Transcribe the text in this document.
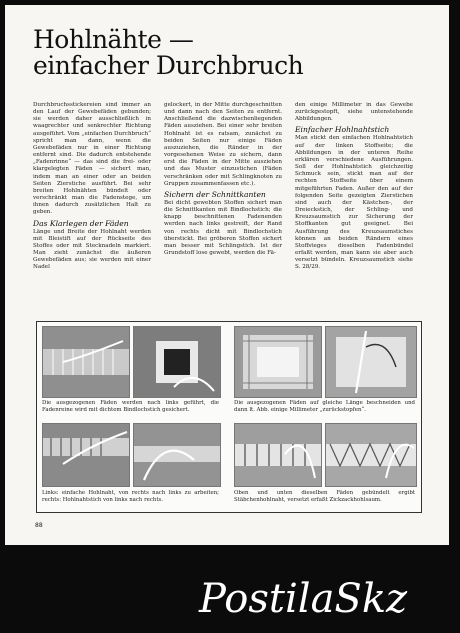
Hohlnähte —
einfacher Durchbruch

Durchbruchsstickereien sind immer an den Lauf der Gewebefäden gebunden; sie werden daher ausschließlich in waagrechter und senkrechter Richtung ausgeführt. Vom „einfachen Durchbruch“ spricht man dann, wenn die Gewebefäden nur in einer Richtung entfernt sind. Die dadurch entstehende „Fadenrinne“ — das sind die frei- oder klargelegten Fäden — sichert man, indem man an einer oder an beiden Seiten Zierstiche ausführt. Bei sehr breiten Hohlnähten bündelt oder verschränkt man die Fadenstege, um ihnen dadurch zusätzlichen Halt zu geben.

Das Klarlegen der Fäden

Länge und Breite der Hohlnaht werden mit Bleistift auf der Rückseite des Stoffes oder mit Stecknadeln markiert. Man zieht zunächst die äußeren Gewebefäden aus; sie werden mit einer Nadel

gelockert, in der Mitte durchgeschnitten und dann nach den Seiten zu entfernt. Anschließend die dazwischenliegenden Fäden ausziehen. Bei einer sehr breiten Hohlnaht ist es ratsam, zunächst zu beiden Seiten nur einige Fäden auszuziehen, die Ränder in der vorgesehenen Weise zu sichern, dann erst die Fäden in der Mitte ausziehen und das Muster einzustichen (Fäden verschränken oder mit Schlingknoten zu Gruppen zusammenfassen etc.).

Sichern der Schnittkanten

Bei dicht gewebten Stoffen sichert man die Schnittkanten mit Bindlochstich; die knapp beschnittenen Fadenenden werden nach links gestreift, der Rand von rechts dicht mit Bindlochstich überstickt. Bei gröberen Stoffen sichert man besser mit Schlingstich. Ist der Grundstoff lose gewebt, werden die Fä-

den einige Millimeter in das Gewebe zurückgestopft, siehe untenstehende Abbildungen.

Einfacher Hohlnahtstich

Man stickt den einfachen Hohlnahtstich auf der linken Stoffseite; die Abbildungen in der unteren Reihe erklären verschiedene Ausführungen. Soll der Hohlnahtstich gleichzeitig Schmuck sein, stickt man auf der rechten Stoffseite über einem mitgeführten Faden. Außer den auf der folgenden Seite gezeigten Zierstichen sind auch der Kästchen-, der Dreieckstich, der Schling- und Kreuzsaumstich zur Sicherung der Stoffkanten gut geeignet. Bei Ausführung des Kreuzsaumstiches können an beiden Rändern eines Stoffsteges dieselben Fadenbündel erfaßt werden, man kann sie aber auch versetzt bündeln. Kreuzsaumstich siehe S. 28/29.

Die ausgezogenen Fäden werden nach links geführt, die Fadenreine wird mit dichtem Bindlochstich gesichert.
Die ausgezogenen Fäden auf gleiche Länge beschneiden und dann lt. Abb. einige Millimeter „zurückstopfen“.
Links: einfache Hohlnaht, von rechts nach links zu arbeiten; rechts: Hohlnahtstich von links nach rechts.
Oben und unten dieselben Fäden gebündelt ergibt Stäbchenhohlnaht, versetzt erfaßt Zickzackhohlsaum.
88
PostilaSkz
